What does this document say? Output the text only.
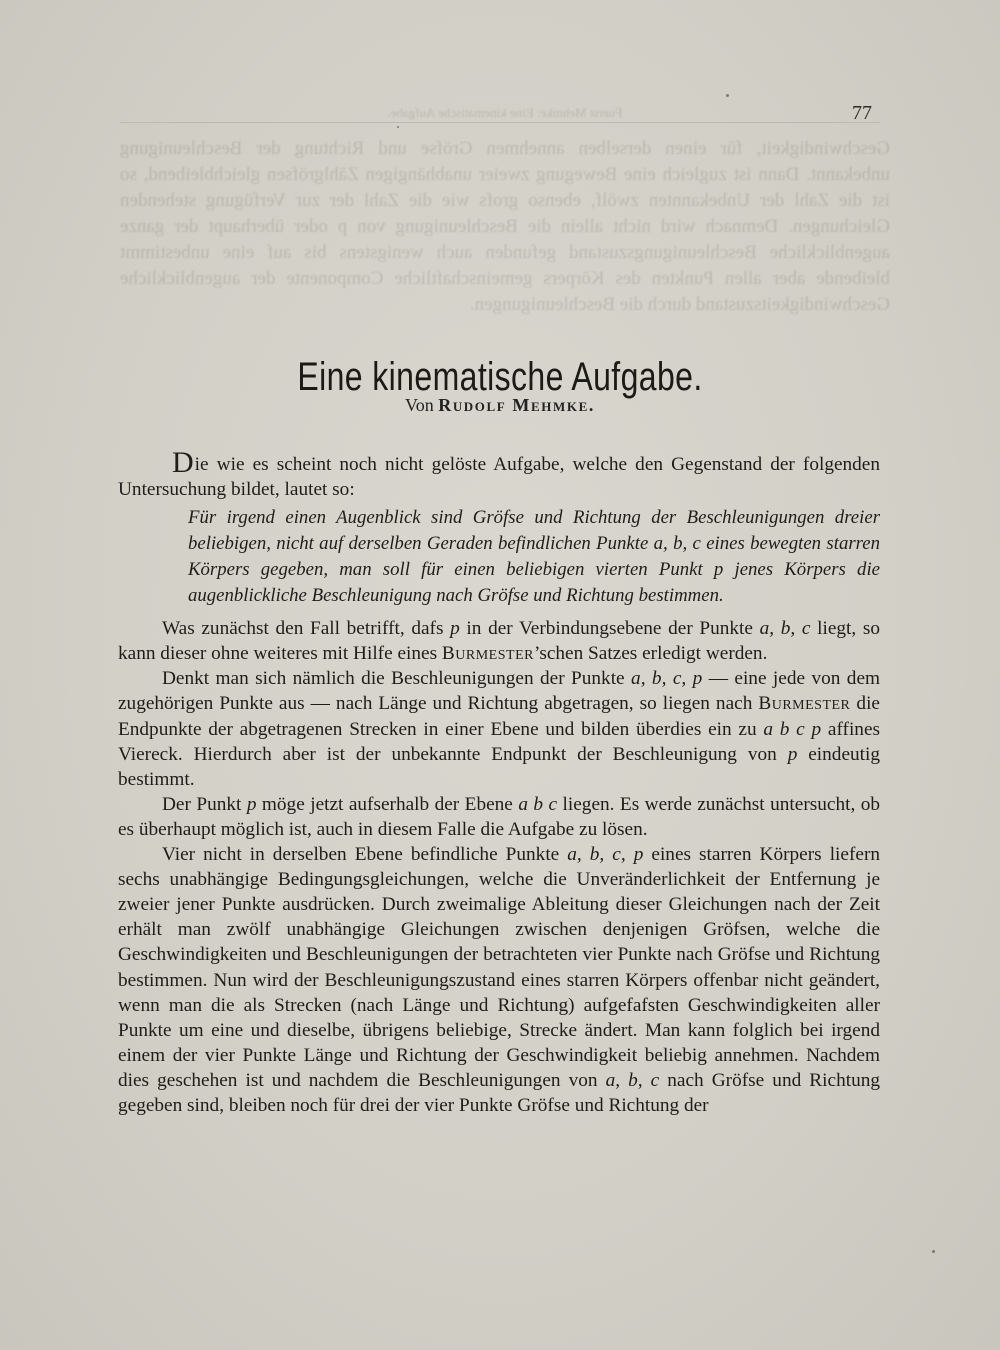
Fuerst Mehmke: Eine kinematische Aufgabe.
Geschwindigkeit, für einen derselben annehmen Gröfse und Richtung der Beschleunigung unbekannt. Dann ist zugleich eine Bewegung zweier unabhängigen Zählgröfsen gleichbleibend, so ist die Zahl der Unbekannten zwölf, ebenso grofs wie die Zahl der zur Verfügung stehenden Gleichungen. Demnach wird nicht allein die Beschleunigung von p oder überhaupt der ganze augenblickliche Beschleunigungszustand gefunden auch wenigstens bis auf eine unbestimmt bleibende aber allen Punkten des Körpers gemeinschaftliche Componente der augenblickliche Geschwindigkeitszustand durch die Beschleunigungen.
77
Eine kinematische Aufgabe.
Von Rudolf Mehmke.

Die wie es scheint noch nicht gelöste Aufgabe, welche den Gegenstand der folgenden Untersuchung bildet, lautet so:

Für irgend einen Augenblick sind Gröfse und Richtung der Beschleunigungen dreier beliebigen, nicht auf derselben Geraden befindlichen Punkte a, b, c eines bewegten starren Körpers gegeben, man soll für einen beliebigen vierten Punkt p jenes Körpers die augenblickliche Beschleunigung nach Gröfse und Richtung bestimmen.

Was zunächst den Fall betrifft, dafs p in der Verbindungsebene der Punkte a, b, c liegt, so kann dieser ohne weiteres mit Hilfe eines Burmester’schen Satzes erledigt werden.

Denkt man sich nämlich die Beschleunigungen der Punkte a, b, c, p — eine jede von dem zugehörigen Punkte aus — nach Länge und Richtung abgetragen, so liegen nach Burmester die Endpunkte der abgetragenen Strecken in einer Ebene und bilden überdies ein zu a b c p affines Viereck. Hierdurch aber ist der unbekannte Endpunkt der Beschleunigung von p eindeutig bestimmt.

Der Punkt p möge jetzt aufserhalb der Ebene a b c liegen. Es werde zunächst untersucht, ob es überhaupt möglich ist, auch in diesem Falle die Aufgabe zu lösen.

Vier nicht in derselben Ebene befindliche Punkte a, b, c, p eines starren Körpers liefern sechs unabhängige Bedingungsgleichungen, welche die Unveränderlichkeit der Entfernung je zweier jener Punkte ausdrücken. Durch zweimalige Ableitung dieser Gleichungen nach der Zeit erhält man zwölf unabhängige Gleichungen zwischen denjenigen Gröfsen, welche die Geschwindigkeiten und Beschleunigungen der betrachteten vier Punkte nach Gröfse und Richtung bestimmen. Nun wird der Beschleunigungszustand eines starren Körpers offenbar nicht geändert, wenn man die als Strecken (nach Länge und Richtung) aufgefafsten Geschwindigkeiten aller Punkte um eine und dieselbe, übrigens beliebige, Strecke ändert. Man kann folglich bei irgend einem der vier Punkte Länge und Richtung der Geschwindigkeit beliebig annehmen. Nachdem dies geschehen ist und nachdem die Beschleunigungen von a, b, c nach Gröfse und Richtung gegeben sind, bleiben noch für drei der vier Punkte Gröfse und Richtung der
